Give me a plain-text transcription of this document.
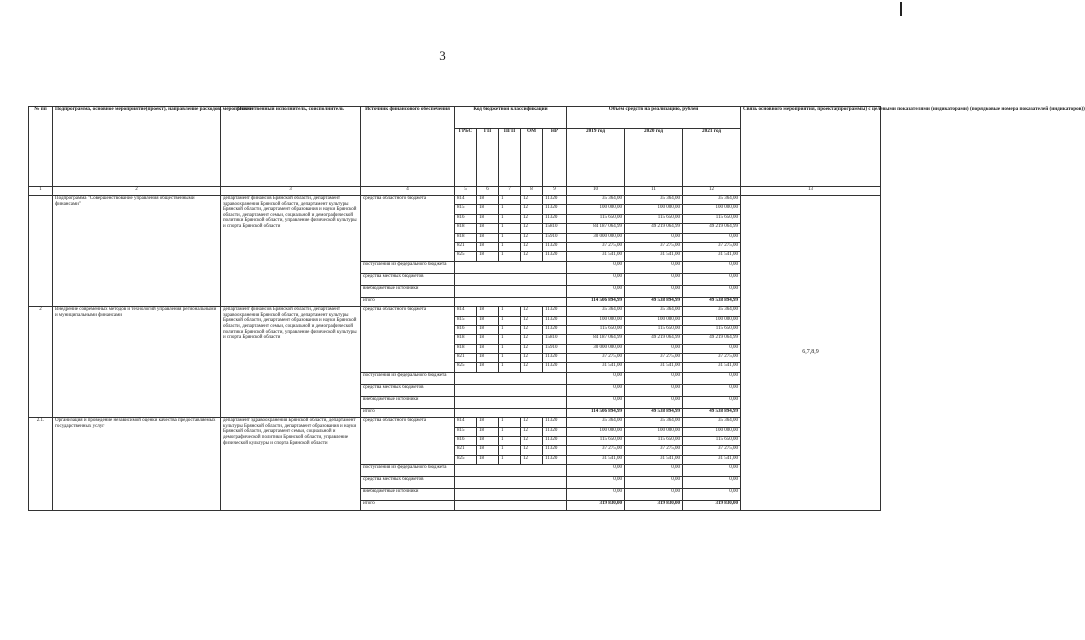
3
№ пп	Подпрограмма, основное мероприятие(проект), направление расходов, мероприятие	Ответственный исполнитель, соисполнитель	Источник финансового обеспечения	Код бюджетной классификации					Объём средств на реализацию, рублей			Связь основного мероприятия, проекта(программы) с целевыми показателями (индикаторами) (порядковые номера показателей (индикаторов))
				ГРБС	ГП	ПГП	ОМ	НР	2019 год	2020 год	2021 год	
1	2	3	4	5	6	7	8	9	10	11	12	13
	Подпрограмма "Совершенствование управления общественными финансами"	департамент финансов Брянской области, департамент здравоохранения Брянской области, департамент культуры Брянской области, департамент образования и науки Брянской области, департамент семьи, социальной и демографической политики Брянской области, управление физической культуры и спорта Брянской области	средства областного бюджета	814	18	1	12	11320	35 364,00	35 364,00	35 364,00	6,7,8,9
				815	18	1	12	11320	100 000,00	100 000,00	100 000,00	
				816	18	1	12	11320	115 650,00	115 650,00	115 650,00	
				818	18	1	12	15810	84 187 064,99	49 219 064,99	49 219 064,99	
				818	18	1	12	15910	30 000 000,00	0,00	0,00	
				821	18	1	12	11320	37 275,00	37 275,00	37 275,00	
				825	18	1	12	11320	31 541,00	31 541,00	31 541,00	
			поступления из федерального бюджета						0,00	0,00	0,00	
			средства местных бюджетов						0,00	0,00	0,00	
			внебюджетные источники						0,00	0,00	0,00	
			итого						114 506 894,99	49 538 894,99	49 538 894,99	
2	Внедрение современных методов и технологий управления региональными и муниципальными финансами	департамент финансов Брянской области, департамент здравоохранения Брянской области, департамент культуры Брянской области, департамент образования и науки Брянской области, департамент семьи, социальной и демографической политики Брянской области, управление физической культуры и спорта Брянской области	средства областного бюджета	814	18	1	12	11320	35 364,00	35 364,00	35 364,00	
				815	18	1	12	11320	100 000,00	100 000,00	100 000,00	
				816	18	1	12	11320	115 650,00	115 650,00	115 650,00	
				818	18	1	12	15810	84 187 064,99	49 219 064,99	49 219 064,99	
				818	18	1	12	15910	30 000 000,00	0,00	0,00	
				821	18	1	12	11320	37 275,00	37 275,00	37 275,00	
				825	18	1	12	11320	31 541,00	31 541,00	31 541,00	
			поступления из федерального бюджета						0,00	0,00	0,00	
			средства местных бюджетов						0,00	0,00	0,00	
			внебюджетные источники						0,00	0,00	0,00	
			итого						114 506 894,99	49 538 894,99	49 538 894,99	
2.1.	Организация и проведение независимой оценки качества предоставляемых государственных услуг	департамент здравоохранения Брянской области, департамент культуры Брянской области, департамент образования и науки Брянской области, департамент семьи, социальной и демографической политики Брянской области, управление физической культуры и спорта Брянской области	средства областного бюджета	814	18	1	12	11320	35 364,00	35 364,00	35 364,00	
				815	18	1	12	11320	100 000,00	100 000,00	100 000,00	
				816	18	1	12	11320	115 650,00	115 650,00	115 650,00	
				821	18	1	12	11320	37 275,00	37 275,00	37 275,00	
				825	18	1	12	11320	31 541,00	31 541,00	31 541,00	
			поступления из федерального бюджета						0,00	0,00	0,00	
			средства местных бюджетов						0,00	0,00	0,00	
			внебюджетные источники						0,00	0,00	0,00	
			итого						319 830,00	319 830,00	319 830,00	
